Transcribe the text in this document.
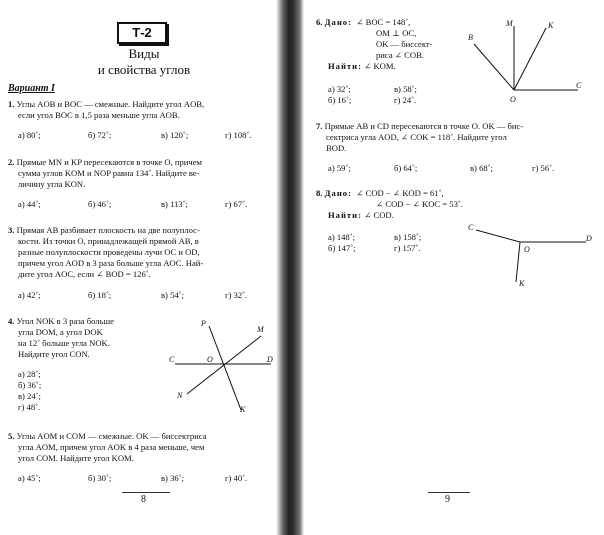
Т-2
Виды
и свойства углов
Вариант I
1. Углы AOB и BOC — смежные. Найдите угол AOB,
если угол BOC в 1,5 раза меньше угла AOB.
а) 80˚;	б) 72˚;	в) 120˚;	г) 108˚.
2. Прямые MN и KP пересекаются в точке O, причем
сумма углов KOM и NOP равна 134˚. Найдите ве-
личину угла KON.
а) 44˚;	б) 46˚;	в) 113˚;	г) 67˚.
3. Прямая AB разбивает плоскость на две полуплос-
кости. Из точки O, принадлежащей прямой AB, в
разные полуплоскости проведены лучи OC и OD,
причем угол AOD в 3 раза больше угла AOC. Най-
дите угол AOC, если ∠ BOD = 126˚.
а) 42˚;	б) 18˚;	в) 54˚;	г) 32˚.
4. Угол NOK в 3 раза больше
угла DOM, а угол DOK
на 12˚ больше угла NOK.
Найдите угол CON.
а) 28˚;
б) 36˚;
в) 24˚;
г) 48˚.
P
M
C	O	D
N
K
5. Углы AOM и COM — смежные. OK — биссектриса
угла AOM, причем угол AOK в 4 раза меньше, чем
угол COM. Найдите угол KOM.
а) 45˚;	б) 30˚;	в) 36˚;	г) 40˚.
8
6. Дано: ∠ BOC = 148˚,
OM ⊥ OC,
OK — биссект-
риса ∠ COB.
Найти: ∠ KOM.
а) 32˚;	в) 58˚;
б) 16˚;	г) 24˚.
M	K
B
C
O
7. Прямые AB и CD пересекаются в точке O. OK — бис-
сектриса угла AOD, ∠ COK = 118˚. Найдите угол
BOD.
а) 59˚;	б) 64˚;	в) 68˚;	г) 56˚.
8. Дано: ∠ COD − ∠ KOD = 61˚,
∠ COD − ∠ KOC = 53˚.
Найти: ∠ COD.
а) 148˚;	в) 158˚;
б) 147˚;	г) 157˚.
C
O
D
K
9
